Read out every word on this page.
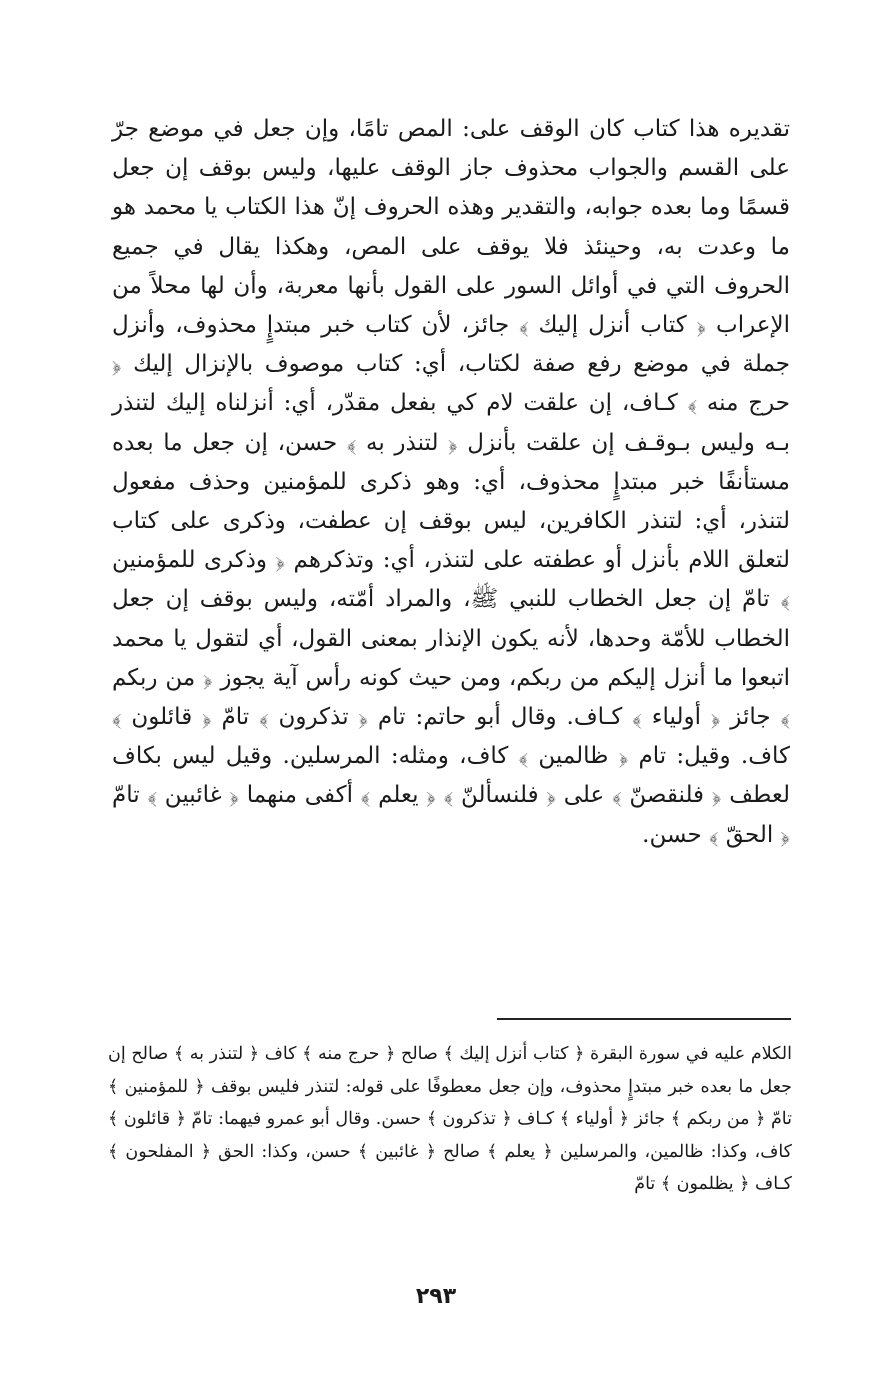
تقديره هذا كتاب كان الوقف على: المص تامًا، وإن جعل في موضع جرّ على القسم والجواب محذوف جاز الوقف عليها، وليس بوقف إن جعل قسمًا وما بعده جوابه، والتقدير وهذه الحروف إنّ هذا الكتاب يا محمد هو ما وعدت به، وحينئذ فلا يوقف على المص، وهكذا يقال في جميع الحروف التي في أوائل السور على القول بأنها معربة، وأن لها محلاً من الإعراب ﴿ كتاب أنزل إليك ﴾ جائز، لأن كتاب خبر مبتدإٍ محذوف، وأنزل جملة في موضع رفع صفة لكتاب، أي: كتاب موصوف بالإنزال إليك ﴿ حرج منه ﴾ كـاف، إن علقت لام كي بفعل مقدّر، أي: أنزلناه إليك لتنذر بـه وليس بـوقـف إن علقت بأنزل ﴿ لتنذر به ﴾ حسن، إن جعل ما بعده مستأنفًا خبر مبتدإٍ محذوف، أي: وهو ذكرى للمؤمنين وحذف مفعول لتنذر، أي: لتنذر الكافرين، ليس بوقف إن عطفت، وذكرى على كتاب لتعلق اللام بأنزل أو عطفته على لتنذر، أي: وتذكرهم ﴿ وذكرى للمؤمنين ﴾ تامّ إن جعل الخطاب للنبي ﷺ، والمراد أمّته، وليس بوقف إن جعل الخطاب للأمّة وحدها، لأنه يكون الإنذار بمعنى القول، أي لتقول يا محمد اتبعوا ما أنزل إليكم من ربكم، ومن حيث كونه رأس آية يجوز ﴿ من ربكم ﴾ جائز ﴿ أولياء ﴾ كـاف. وقال أبو حاتم: تام ﴿ تذكرون ﴾ تامّ ﴿ قائلون ﴾ كاف. وقيل: تام ﴿ ظالمين ﴾ كاف، ومثله: المرسلين. وقيل ليس بكاف لعطف ﴿ فلنقصنّ ﴾ على ﴿ فلنسألنّ ﴾ ﴿ يعلم ﴾ أكفى منهما ﴿ غائبين ﴾ تامّ ﴿ الحقّ ﴾ حسن.

الكلام عليه في سورة البقرة ﴿ كتاب أنزل إليك ﴾ صالح ﴿ حرج منه ﴾ كاف ﴿ لتنذر به ﴾ صالح إن جعل ما بعده خبر مبتدإٍ محذوف، وإن جعل معطوفًا على قوله: لتنذر فليس بوقف ﴿ للمؤمنين ﴾ تامّ ﴿ من ربكم ﴾ جائز ﴿ أولياء ﴾ كـاف ﴿ تذكرون ﴾ حسن. وقال أبو عمرو فيهما: تامّ ﴿ قائلون ﴾ كاف، وكذا: ظالمين، والمرسلين ﴿ يعلم ﴾ صالح ﴿ غائبين ﴾ حسن، وكذا: الحق ﴿ المفلحون ﴾ كـاف ﴿ يظلمون ﴾ تامّ

٢٩٣
